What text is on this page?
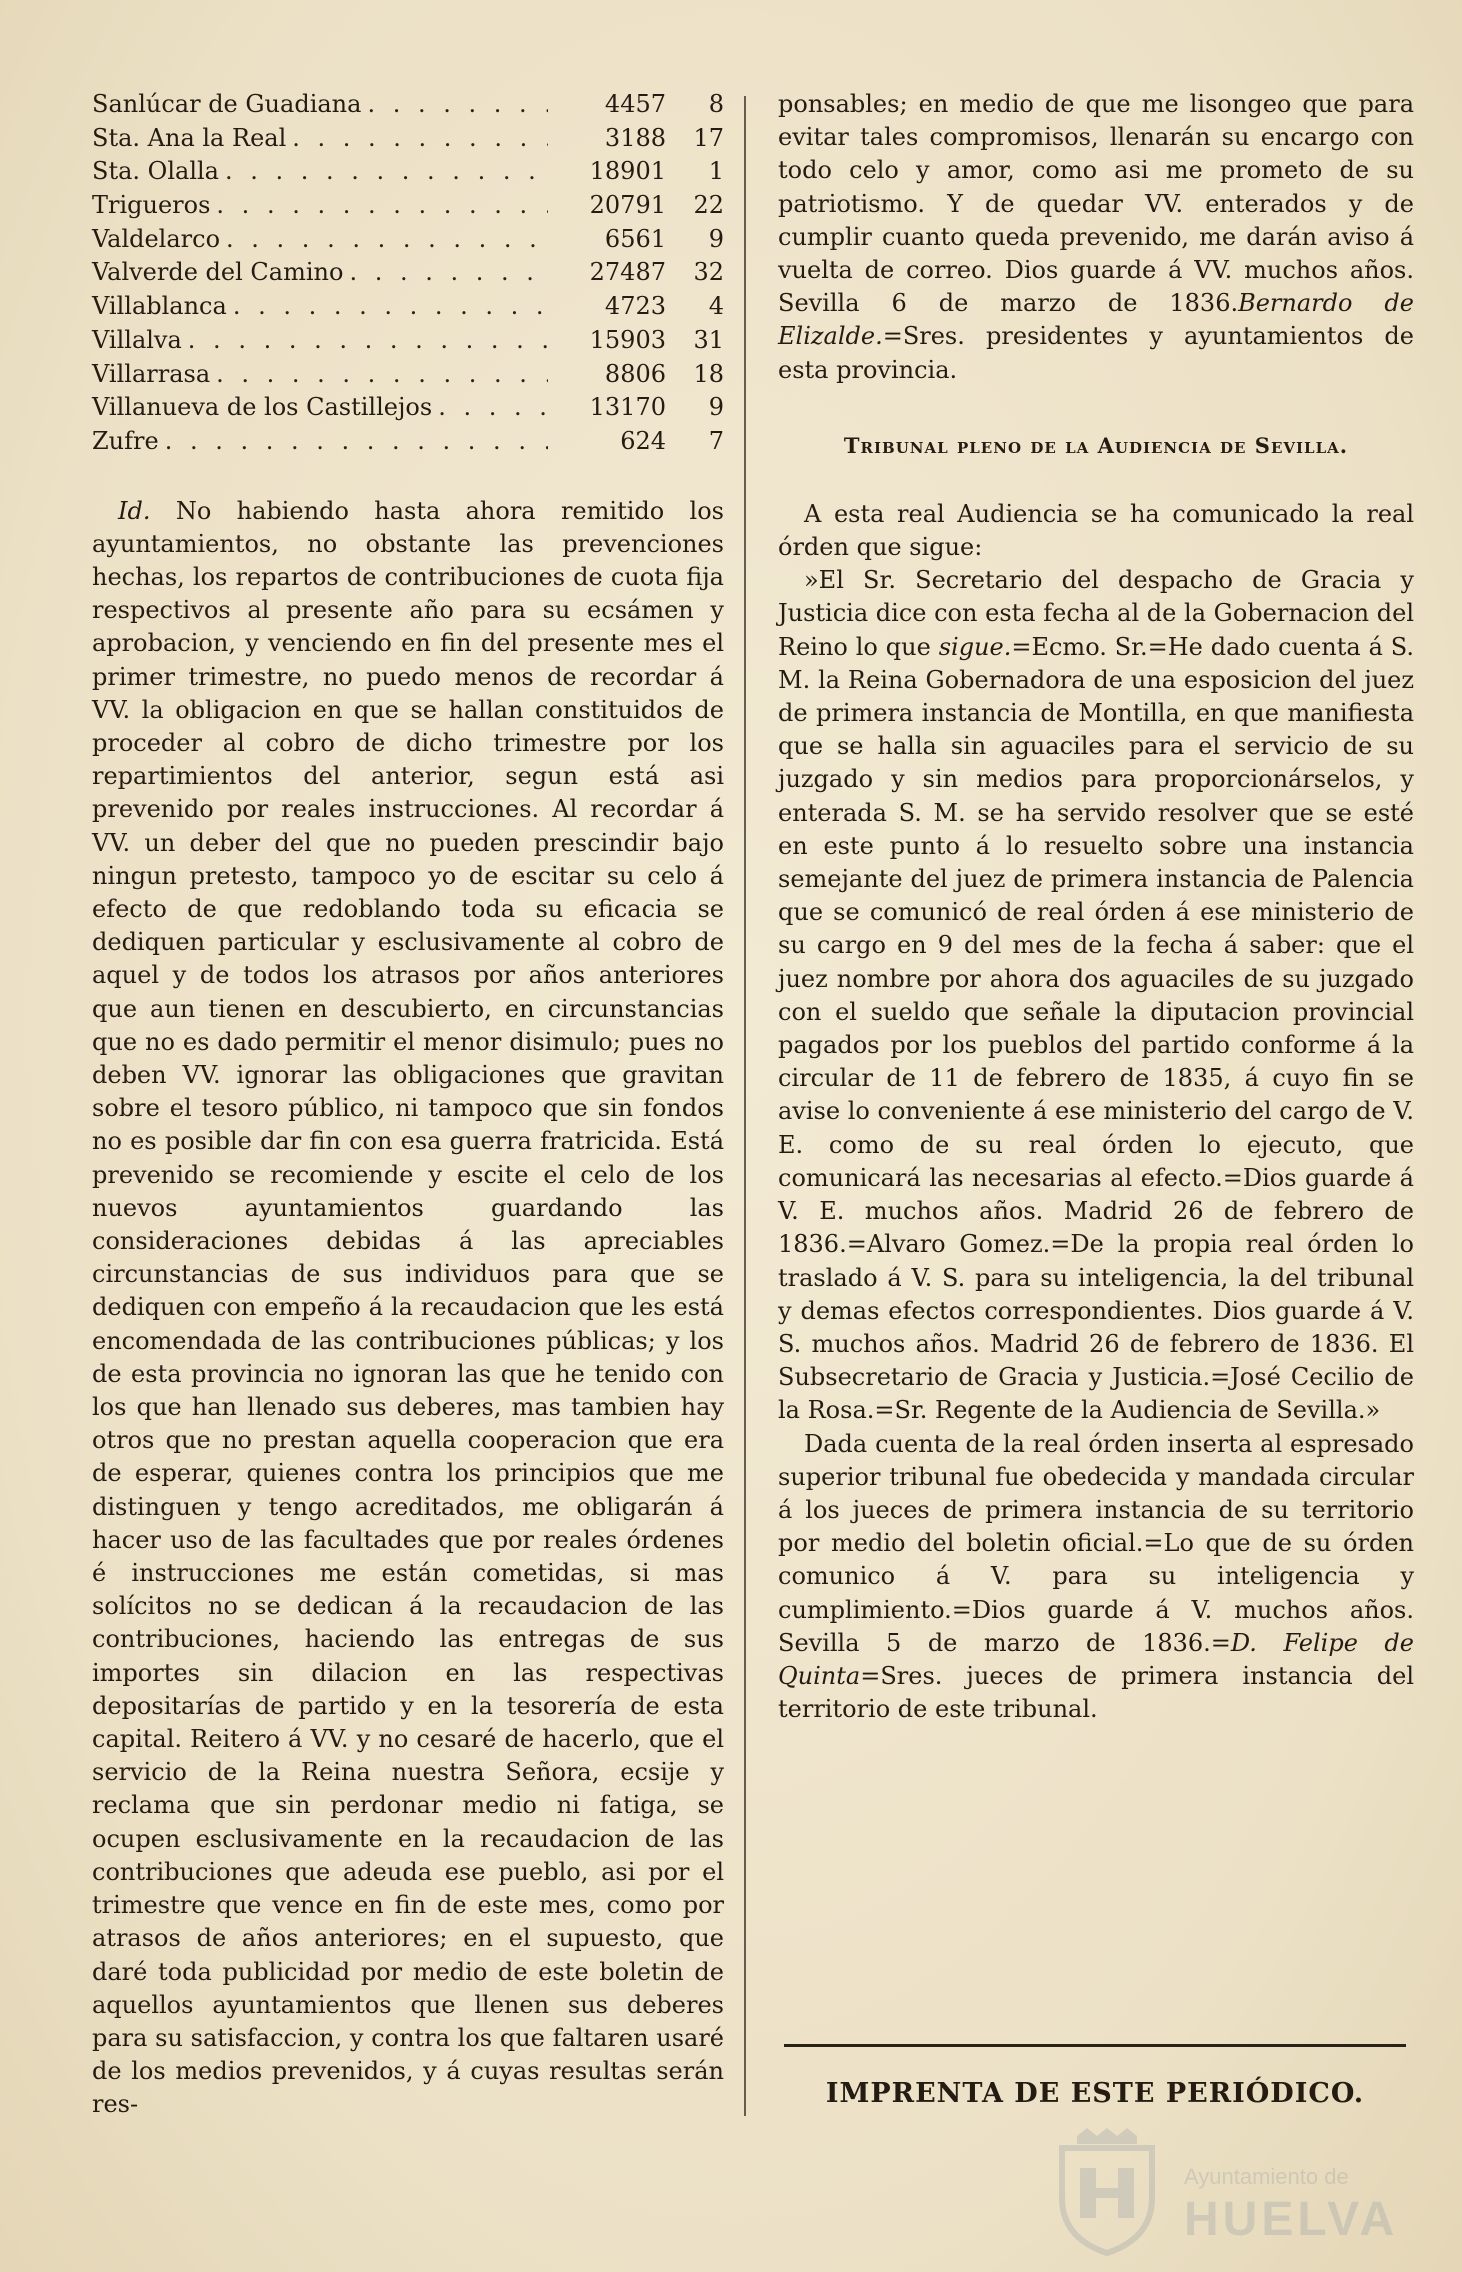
Sanlúcar de Guadiana . . .	4457	8
Sta. Ana la Real . . .	3188	17
Sta. Olalla . . .	18901	1
Trigueros . . .	20791	22
Valdelarco . . .	6561	9
Valverde del Camino . . .	27487	32
Villablanca . . .	4723	4
Villalva . . .	15903	31
Villarrasa . . .	8806	18
Villanueva de los Castillejos . . .	13170	9
Zufre . . .	624	7

Id. No habiendo hasta ahora remitido los ayuntamientos, no obstante las prevenciones hechas, los repartos de contribuciones de cuota fija respectivos al presente año para su ecsámen y aprobacion, y venciendo en fin del presente mes el primer trimestre, no puedo menos de recordar á VV. la obligacion en que se hallan constituidos de proceder al cobro de dicho trimestre por los repartimientos del anterior, segun está asi prevenido por reales instrucciones. Al recordar á VV. un deber del que no pueden prescindir bajo ningun pretesto, tampoco yo de escitar su celo á efecto de que redoblando toda su eficacia se dediquen particular y esclusivamente al cobro de aquel y de todos los atrasos por años anteriores que aun tienen en descubierto, en circunstancias que no es dado permitir el menor disimulo; pues no deben VV. ignorar las obligaciones que gravitan sobre el tesoro público, ni tampoco que sin fondos no es posible dar fin con esa guerra fratricida. Está prevenido se recomiende y escite el celo de los nuevos ayuntamientos guardando las consideraciones debidas á las apreciables circunstancias de sus individuos para que se dediquen con empeño á la recaudacion que les está encomendada de las contribuciones públicas; y los de esta provincia no ignoran las que he tenido con los que han llenado sus deberes, mas tambien hay otros que no prestan aquella cooperacion que era de esperar, quienes contra los principios que me distinguen y tengo acreditados, me obligarán á hacer uso de las facultades que por reales órdenes é instrucciones me están cometidas, si mas solícitos no se dedican á la recaudacion de las contribuciones, haciendo las entregas de sus importes sin dilacion en las respectivas depositarías de partido y en la tesorería de esta capital. Reitero á VV. y no cesaré de hacerlo, que el servicio de la Reina nuestra Señora, ecsije y reclama que sin perdonar medio ni fatiga, se ocupen esclusivamente en la recaudacion de las contribuciones que adeuda ese pueblo, asi por el trimestre que vence en fin de este mes, como por atrasos de años anteriores; en el supuesto, que daré toda publicidad por medio de este boletin de aquellos ayuntamientos que llenen sus deberes para su satisfaccion, y contra los que faltaren usaré de los medios prevenidos, y á cuyas resultas serán res-

ponsables; en medio de que me lisongeo que para evitar tales compromisos, llenarán su encargo con todo celo y amor, como asi me prometo de su patriotismo. Y de quedar VV. enterados y de cumplir cuanto queda prevenido, me darán aviso á vuelta de correo. Dios guarde á VV. muchos años. Sevilla 6 de marzo de 1836.Bernardo de Elizalde.=Sres. presidentes y ayuntamientos de esta provincia.

Tribunal pleno de la Audiencia de Sevilla.

A esta real Audiencia se ha comunicado la real órden que sigue:

»El Sr. Secretario del despacho de Gracia y Justicia dice con esta fecha al de la Gobernacion del Reino lo que sigue.=Ecmo. Sr.=He dado cuenta á S. M. la Reina Gobernadora de una esposicion del juez de primera instancia de Montilla, en que manifiesta que se halla sin aguaciles para el servicio de su juzgado y sin medios para proporcionárselos, y enterada S. M. se ha servido resolver que se esté en este punto á lo resuelto sobre una instancia semejante del juez de primera instancia de Palencia que se comunicó de real órden á ese ministerio de su cargo en 9 del mes de la fecha á saber: que el juez nombre por ahora dos aguaciles de su juzgado con el sueldo que señale la diputacion provincial pagados por los pueblos del partido conforme á la circular de 11 de febrero de 1835, á cuyo fin se avise lo conveniente á ese ministerio del cargo de V. E. como de su real órden lo ejecuto, que comunicará las necesarias al efecto.=Dios guarde á V. E. muchos años. Madrid 26 de febrero de 1836.=Alvaro Gomez.=De la propia real órden lo traslado á V. S. para su inteligencia, la del tribunal y demas efectos correspondientes. Dios guarde á V. S. muchos años. Madrid 26 de febrero de 1836. El Subsecretario de Gracia y Justicia.=José Cecilio de la Rosa.=Sr. Regente de la Audiencia de Sevilla.»

Dada cuenta de la real órden inserta al espresado superior tribunal fue obedecida y mandada circular á los jueces de primera instancia de su territorio por medio del boletin oficial.=Lo que de su órden comunico á V. para su inteligencia y cumplimiento.=Dios guarde á V. muchos años. Sevilla 5 de marzo de 1836.=D. Felipe de Quinta=Sres. jueces de primera instancia del territorio de este tribunal.

IMPRENTA DE ESTE PERIÓDICO.
Ayuntamiento de
HUELVA
